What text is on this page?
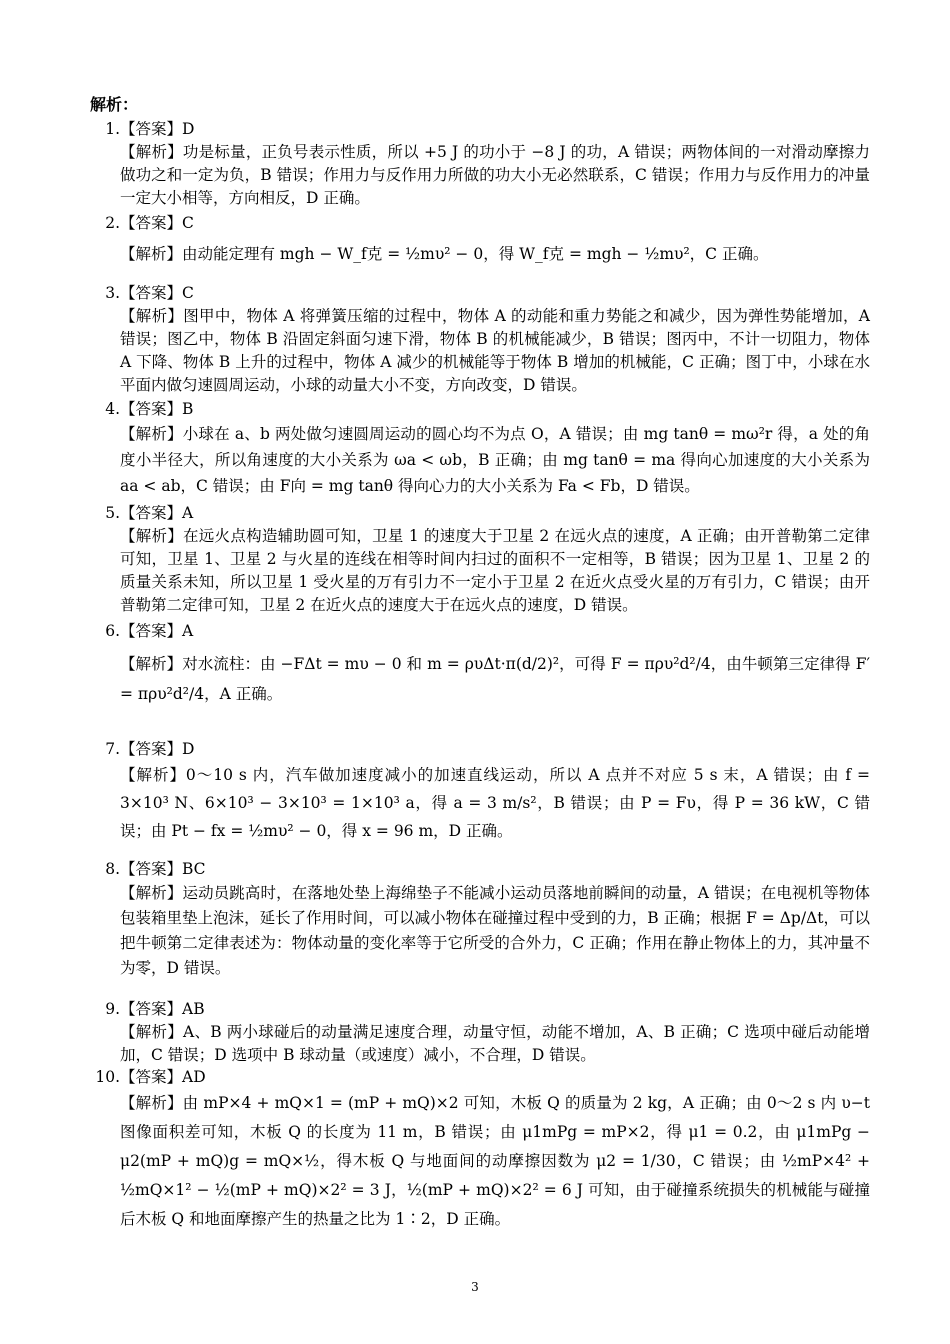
解析：
1.【答案】D
【解析】功是标量，正负号表示性质，所以 +5 J 的功小于 −8 J 的功，A 错误；两物体间的一对滑动摩擦力做功之和一定为负，B 错误；作用力与反作用力所做的功大小无必然联系，C 错误；作用力与反作用力的冲量一定大小相等，方向相反，D 正确。
2.【答案】C
【解析】由动能定理有 mgh − W_f克 = ½mυ² − 0，得 W_f克 = mgh − ½mυ²，C 正确。
3.【答案】C
【解析】图甲中，物体 A 将弹簧压缩的过程中，物体 A 的动能和重力势能之和减少，因为弹性势能增加，A 错误；图乙中，物体 B 沿固定斜面匀速下滑，物体 B 的机械能减少，B 错误；图丙中，不计一切阻力，物体 A 下降、物体 B 上升的过程中，物体 A 减少的机械能等于物体 B 增加的机械能，C 正确；图丁中，小球在水平面内做匀速圆周运动，小球的动量大小不变，方向改变，D 错误。
4.【答案】B
【解析】小球在 a、b 两处做匀速圆周运动的圆心均不为点 O，A 错误；由 mg tanθ = mω²r 得，a 处的角度小半径大，所以角速度的大小关系为 ωa < ωb，B 正确；由 mg tanθ = ma 得向心加速度的大小关系为 aa < ab，C 错误；由 F向 = mg tanθ 得向心力的大小关系为 Fa < Fb，D 错误。
5.【答案】A
【解析】在远火点构造辅助圆可知，卫星 1 的速度大于卫星 2 在远火点的速度，A 正确；由开普勒第二定律可知，卫星 1、卫星 2 与火星的连线在相等时间内扫过的面积不一定相等，B 错误；因为卫星 1、卫星 2 的质量关系未知，所以卫星 1 受火星的万有引力不一定小于卫星 2 在近火点受火星的万有引力，C 错误；由开普勒第二定律可知，卫星 2 在近火点的速度大于在远火点的速度，D 错误。
6.【答案】A
【解析】对水流柱：由 −FΔt = mυ − 0 和 m = ρυΔt·π(d/2)²，可得 F = πρυ²d²/4，由牛顿第三定律得 F′ = πρυ²d²/4，A 正确。
7.【答案】D
【解析】0～10 s 内，汽车做加速度减小的加速直线运动，所以 A 点并不对应 5 s 末，A 错误；由 f = 3×10³ N、6×10³ − 3×10³ = 1×10³ a，得 a = 3 m/s²，B 错误；由 P = Fυ，得 P = 36 kW，C 错误；由 Pt − fx = ½mυ² − 0，得 x = 96 m，D 正确。
8.【答案】BC
【解析】运动员跳高时，在落地处垫上海绵垫子不能减小运动员落地前瞬间的动量，A 错误；在电视机等物体包装箱里垫上泡沫，延长了作用时间，可以减小物体在碰撞过程中受到的力，B 正确；根据 F = Δp/Δt，可以把牛顿第二定律表述为：物体动量的变化率等于它所受的合外力，C 正确；作用在静止物体上的力，其冲量不为零，D 错误。
9.【答案】AB
【解析】A、B 两小球碰后的动量满足速度合理，动量守恒，动能不增加，A、B 正确；C 选项中碰后动能增加，C 错误；D 选项中 B 球动量（或速度）减小，不合理，D 错误。
10.【答案】AD
【解析】由 mP×4 + mQ×1 = (mP + mQ)×2 可知，木板 Q 的质量为 2 kg，A 正确；由 0～2 s 内 υ−t 图像面积差可知，木板 Q 的长度为 11 m，B 错误；由 μ1mPg = mP×2，得 μ1 = 0.2，由 μ1mPg − μ2(mP + mQ)g = mQ×½，得木板 Q 与地面间的动摩擦因数为 μ2 = 1/30，C 错误；由 ½mP×4² + ½mQ×1² − ½(mP + mQ)×2² = 3 J，½(mP + mQ)×2² = 6 J 可知，由于碰撞系统损失的机械能与碰撞后木板 Q 和地面摩擦产生的热量之比为 1∶2，D 正确。
3
